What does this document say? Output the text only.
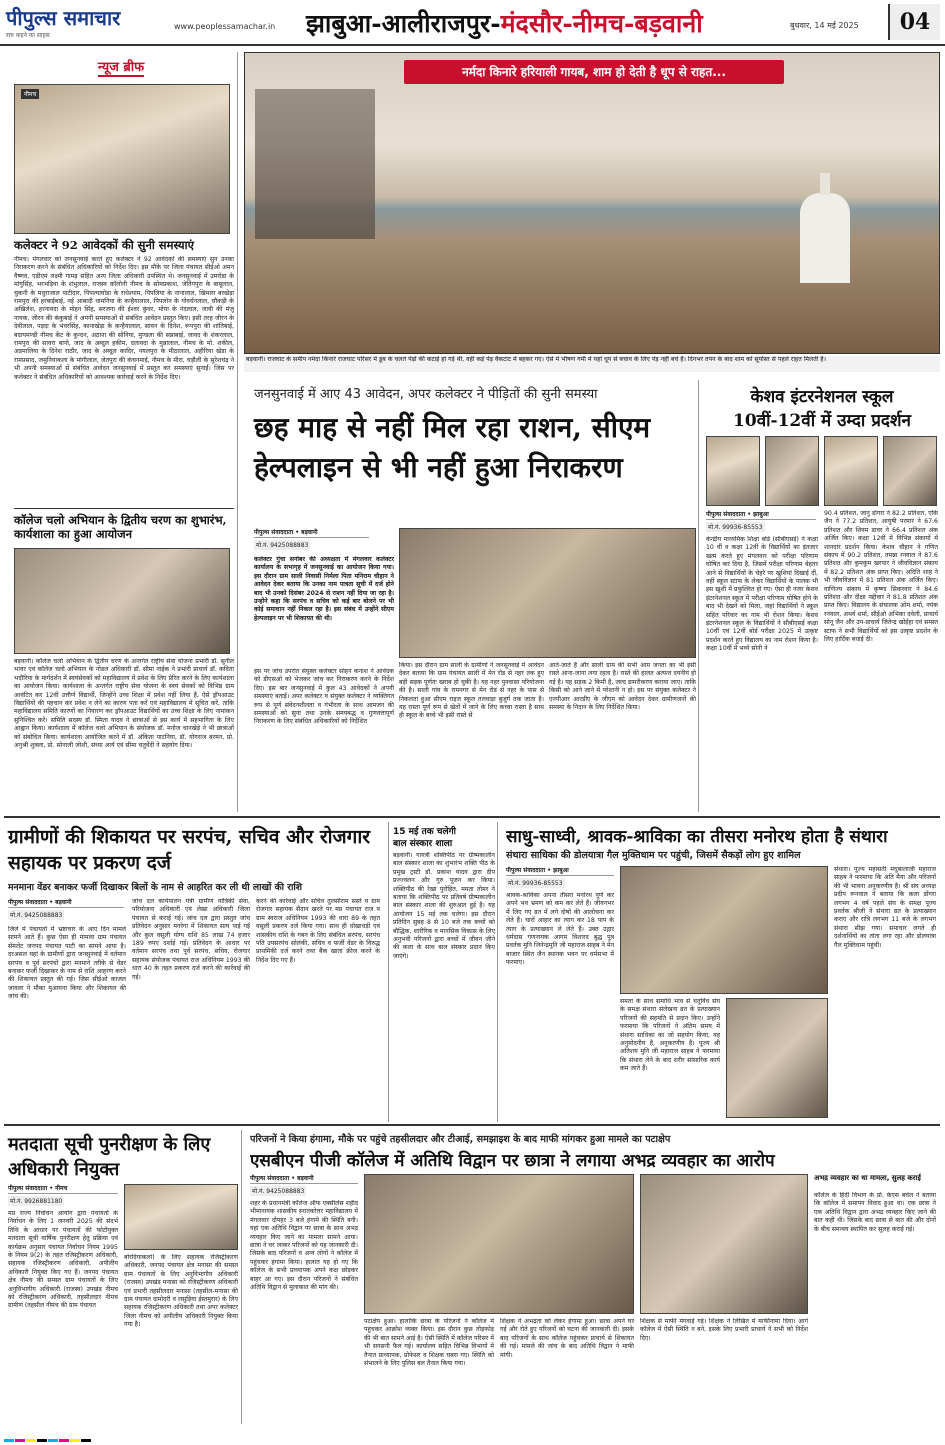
पीपुल्स समाचार
सच कहने का साहस
www.peoplessamachar.in झाबुआ-आलीराजपुर-मंदसौर-नीमच-बड़वानी	बुधवार, 14 मई 2025	04
न्यूज ब्रीफ
नीमच
कलेक्टर ने 92 आवेदकों की सुनी समस्याएं
नीमच। मंगलवार को जनसुनवाई करते हुए कलेक्टर ने 92 आवेदकों की समस्याएं सुन उनका निराकरण करने के संबंधित अधिकारियों को निर्देश दिए। इस मौके पर जिला पंचायत सीईओ अमन वैष्णव, एडीएम लक्ष्मी गामड़ सहित अन्य जिला अधिकारी उपस्थित थे। जनसुनवाई में उमरोडा के मांगुसिंह, भरभड़िया के शंभुलाल, राजस्व कॉलोनी नीमच के सोमप्रकाश, जेतिंगपुरा के बाबूलाल, चुकनी के मधुराजाल पाटीदार, पिपल्याघोडा के राधेश्याम, पिपलिया के नानालाल, खिमला बरखेड़ा रामपुरा की हरबाईबाई, नई आबादी धामनिया के कन्हैयालाल, पिपलोन के गोवर्धनलाल, चौकड़ी के अखिलेश, हरनावदा के मोहन सिंह, सरजना की ईश्वर कुंवर, मोया के नंदलाल, जावी की मंजु नायक, जीरन की कंकुबाई ने अपनी समस्याओं से संबंधित आवेदन प्रस्तुत किए। इसी तरह जीरन के देवीलाल, पड़दा के भंवरसिंह, कानाखेड़ा के कन्हैयालाल, सावन के दिनेश, रूपपुरा की शांतिबाई, बदायमण्डी नीमच केंट के कुन्दन, अठाना की सोनिया, मुण्डला की सन्नाबाई, जावद के शंकरलाल, रामपुरा की सावरा बानो, जाद के अब्दुल हकीम, दलावदा के मुन्नालाल, नीमच के मो. शकील, अडमालिया के दिनेश राठौर, जाद के अब्दुल कादिर, नयलपुरा के मीठालाल, अहीरिया खेडा के रामप्रसाद, जमुनियाकला के मांगीलाल, जेतपुरा की कंचनमाई, नीमच के मीरा, चड़ौली के सुरेशचंद्र ने भी अपनी समस्याओं से संबंधित आवेदन जनसुनवाई में प्रस्तुत कर समस्याएं सुनाईं। जिस पर कलेक्टर ने संबंधित अधिकारियों को आवश्यक कार्रवाई करने के निर्देश दिए।
कॉलेज चलो अभियान के द्वितीय चरण का शुभारंभ, कार्यशाला का हुआ आयोजन
बड़वानी। कॉलेज चलो अभियान के द्वितीय चरण के अन्तर्गत राष्ट्रीय सेवा योजना प्रभारी डॉ. सुनील भावर एवं कॉलेज चलो अभियान के नोडल अधिकारी डॉ. सीमा नाईक ने प्रभारी प्राचार्य डॉ. कविता भदौरिया के मार्गदर्शन में स्वयंसेवकों को महाविद्यालय में प्रवेश के लिए प्रेरित करने के लिए कार्यशाला का आयोजन किया। कार्यशाला के अन्तर्गत राष्ट्रीय सेवा योजना के स्वयं सेवकों को विभिन्न ग्राम आवंटित कर 12वीं उत्तीर्ण विद्यार्थी, जिन्होंने उच्च शिक्षा में प्रवेश नहीं लिया है, ऐसे ड्रॉपआउट विद्यार्थियों की पहचान कर प्रवेश न लेने का कारण पता करें एवं महाविद्यालय में सूचित करें, ताकि महाविद्यालय समिति कारणों का निवारण कर ड्रॉपआउट विद्यार्थियों का उच्च शिक्षा के लिए नामांकन सुनिश्चित करें। समिति सदस्य डॉ. स्मिता यादव ने छात्राओं से इस कार्य में सहभागिता के लिए आह्वान किया। कार्यशाला में कॉलेज चलो अभियान के संयोजक डॉ. मनोज चानखेड़े ने भी छात्राओं को संबोधित किया। कार्यशाला आयोजित करने में डॉ. अंकिता पाटनिया, डॉ. योगराज बरमन, प्रो. अनुश्री शुक्ला, प्रो. सोनाली जोशी, संध्या आर्य एवं सीमा चतुर्वेदी ने सहयोग दिया।
नर्मदा किनारे हरियाली गायब, शाम हो देती है धूप से राहत...
बड़वानी। राजघाट के समीप नर्मदा किनारे राजघाट परिसर में डूब के चलते पेड़ों की कटाई हो गई थी, वहीं कई पेड़ वैकटाट में बहकर गए। ऐसे में भीषण गर्मी में यहां धूप से बचाव के लिए पेड़ नहीं बचे हैं। दिनभर तपन के बाद शाम को सूर्यास्त से पहले राहत मिलती है।
जनसुनवाई में आए 43 आवेदन, अपर कलेक्टर ने पीड़ितों की सुनी समस्या
छह माह से नहीं मिल रहा राशन, सीएम हेल्पलाइन से भी नहीं हुआ निराकरण
पीपुल्स संवाददाता • बड़वानी
मो.नं. 9425088883
कलेक्टर गुंचा सनोबर की अध्यक्षता में मंगलवार कलेक्टर कार्यालय के सभागृह में जनसुनवाई का आयोजन किया गया। इस दौरान ग्राम साली निवासी निर्मला पिता मनिराम चौहान ने आवेदन देकर बताया कि उनका नाम पात्रता सूची में दर्ज होने बाद भी उनको दिसंबर 2024 से राशन नहीं दिया जा रहा है। उन्होंने कहा कि सरपंच व सचिव को कई बार बोलने पर भी कोई समाधान नहीं निकल रहा है। इस संबंध में उन्होंने सीएम हेल्पलाइन पर भी शिकायत की थी।
इस पर जांच उपरांत संयुक्त कलेक्टर सोहन कनाश ने आवेदक को डीएसओ को भेजकर जांच कर निराकरण करने के निर्देश दिए। इस बार जनसुनवाई में कुल 43 आवेदकों ने अपनी समस्याएं बताईं। अपर कलेक्टर व संयुक्त कलेक्टर ने व्यक्तिगत रूप से पूर्ण संवेदनशीलता व गंभीरता के साथ आमजन की समस्याओं को सुना तथा उनके समयबद्ध व गुणवत्तापूर्ण निराकरण के लिए संबंधित अधिकारियों को निर्देशित
किया। इस दौरान ग्राम साली के ग्रामीणों ने जनसुनवाई में आवेदन देकर बताया कि ग्राम पंचायत साली में मेन रोड से नहर तक हुए बड़ी सड़क पूर्णतः खराब हो चुकी है। यह नहर पुनवासा परियोजना की है। साली गांव के रामनगर से मेन रोड से नहर के पास से निकलता हुआ सीएम राइज स्कूल तलवाड़ा बुजुर्ग तक जाता है। यह रास्ता पूर्ण रूप से खेतों में जाने के लिए कच्चा रास्ता है साथ ही स्कूल के बच्चे भी इसी रास्ते से
आते-जाते हैं और साली ग्राम की सभी आम जनता का भी इसी रास्ते आना-जाना लगा रहता है। रास्ते की हालत अत्यन्त दयनीय हो गई है। यह सड़क 2 किमी है, जल्द डामरीकरण कराया जाए। ताकि किसी को आने जाने में परेशानी न हो। इस पर संयुक्त कलेक्टर ने एनपीआर आरडीए के जीएम को आवेदन देकर ग्रामीणजनों की समस्या के निदान के लिए निर्देशित किया।
केशव इंटरनेशनल स्कूल
10वीं-12वीं में उम्दा प्रदर्शन
पीपुल्स संवाददाता • झाबुआ
मो.नं. 99936-85553
केन्द्रीय माध्यमिक शिक्षा बोर्ड (सीबीएसई) ने कक्षा 10 वीं व कक्षा 12वीं के विद्यार्थियों का इंतजार खत्म करते हुए मंगलवार को परीक्षा परिणाम घोषित कर दिया है, जिसमें परीक्षा परिणाम बेहतर आने से विद्यार्थियों के चेहरे पर खुशियां दिखाई दीं, वहीं स्कूल स्टाफ के लेकर विद्यार्थियों के पालक भी इस खुशी में प्रफुल्लित हो गए। ऐसा ही नजर केशव इंटरनेशनल स्कूल में परीक्षा परिणाम घोषित होने के बाद भी देखने को मिला, जहां विद्यार्थियों ने स्कूल सहित परिवार का नाम भी रोशन किया। केशव इंटरनेशनल स्कूल के विद्यार्थियों ने सीबीएसई कक्षा 10वीं एवं 12वीं बोर्ड परीक्षा 2025 में उत्कृष्ट प्रदर्शन करते हुए विद्यालय का नाम रोशन किया है। कक्षा 10वीं में भव्ये सोनी ने
90.4 प्रतिशत, जानु डोगरा ने 82.2 प्रतिशत, एकि जैन ने 77.2 प्रतिशत, आयुषी परमार ने 67.6 प्रतिशत और शिवम डावर ने 66.4 प्रतिशत अंक अर्जित किए। कक्षा 12वीं में विभिन्न संकायों में शानदार प्रदर्शन किया। केशव चौहान ने गणित संकाय में 90.2 प्रतिशत, तमन्ना रनवाल ने 87.6 प्रतिशत और कुमकुम खरपार ने जीवविज्ञान संकाय में 82.2 प्रतिशत अंक प्राप्त किए। अदिति शाह ने भी जीवविज्ञान में 81 प्रतिशत अंक अर्जित किए। वाणिज्य संकाय में कृष्णा सिकरवार ने 84.6 प्रतिशत और दीक्षा पद्दीवार ने 81.8 प्रतिशत अंक प्राप्त किए। विद्यालय के संचालक ओम शर्मा, नयंक रनवाल, अथर्व शर्मा, सीईओ अभिका दवेली, प्राचार्य सोनू जैन और उप-प्राचार्य जितेन्द्र खोईहा एवं समस्त स्टाफ ने सभी विद्यार्थियों को इस उत्कृष्ट प्रदर्शन के लिए हार्दिक बधाई दी।
ग्रामीणों की शिकायत पर सरपंच, सचिव और रोजगार सहायक पर प्रकरण दर्ज
मनमाना वेंडर बनाकर फर्जी दिखाकर बिलों के नाम से आहरित कर ली थी लाखों की राशि
पीपुल्स संवाददाता • बड़वानी
मो.नं. 9425088883
जिले में पंचायतों में भ्रष्टाचार के आए दिन मामले सामने आते हैं। कुछ ऐसा ही मामला ग्राम पंचायत सेमलेट जनपद पंचायत पाटी का सामने आया है। दरअसल यहां के ग्रामीणों द्वारा जनसुनवाई में वर्तमान सरपंच व पूर्व सरपंचों द्वारा मनमाने तरीके से वेंडर बनाकर फर्जी दिखाकर के नाम से राशि आहरण करने की शिकायत प्रस्तुत की गई। जिस सीईओ काजल जावला ने मौका मुआयना किया और शिकायत की जांच की।
जांच दल कार्यपालन यंत्री ग्रामीण यांत्रिकी सेवा, परियोजना अधिकारी एवं लेखा अधिकारी जिला पंचायत से कराई गई। जांच दल द्वारा प्रस्तुत जांच प्रतिवेदन अनुसार मनरेगा में शिकायत सत्य पाई गई और कुल वसूली योग्य राशि 85 लाख 74 हजार 189 रुपए दर्शाई गई। प्रतिवेदन के आधार पर वर्तमान सरपंच तथा पूर्व सरपंच, सचिव, रोजगार सहायक संयोजक पंचायत राज अधिनियम 1993 की धारा 40 के तहत प्रकरण दर्ज करने की कार्रवाई की गई।
करने की कार्रवाई और सचिव तुलसीराम सस्ते व ग्राम रोजगार सहायक सैदान खरते पर मप्र पंचायत राज व ग्राम स्वराज अधिनियम 1993 की धारा 89 के तहत वसूली प्रकरण दर्ज किया गया। साथ ही धोखाधड़ी एवं शासकीय राशि के गबन के लिए संबंधित सरपंच, सरपंच पति उपसरपंच सोलंकी, सचिव व फर्जी वेंडर के विरुद्ध प्राथमिकी दर्ज करने तथा बैंक खाता फ्रीज करने के निर्देश दिए गए हैं।
15 मई तक चलेगी
बाल संस्कार शाला
बड़वानी। गायत्री शक्तिपीठ पर ग्रीष्मकालीन बाल संस्कार शाला का शुभारंभ शक्ति पीठ के प्रमुख ट्रस्टी डॉ. प्रकाश यादव द्वारा दीप प्रज्ज्वलन और गुरु पूजन कर किया। शक्तिपीठ की रेखा पुरोहित, ममता तोमर ने बताया कि शक्तिपीठ पर प्रतिवर्ष ग्रीष्मकालीन बाल संस्कार शाला की शुरुआत हुई है। यह आयोजन 15 मई तक चलेगा। इस दौरान प्रतिदिन सुबह 8 से 10 बजे तक बच्चों को बौद्धिक, शारीरिक व मानसिक विकास के लिए अनुभवी परिजनों द्वारा बच्चों में जीवन जीने की कला के साथ बाल संस्कार प्रदान किए जाएंगे।
साधु-साध्वी, श्रावक-श्राविका का तीसरा मनोरथ होता है संथारा
संथारा साधिका की डोलयात्रा गैल मुक्तिधाम पर पहुंची, जिसमें सैकड़ों लोग हुए शामिल
पीपुल्स संवाददाता • झाबुआ
मो.नं. 99936-85553
श्रावक-श्राविका अपना तीसरा मनोरथ पूर्ण कर अपने भव भ्रमण को कम कर लेते हैं। जीवनभर में लिए गए व्रत में लगे दोषों की आलोचना कर लेते हैं। चारों आहार का त्याग कर 18 पाप के त्याग के प्रत्याख्यान ले लेते हैं। उक्त उद्गार धर्मदास गणनायक आगम विशारद बुद्ध पुत्र प्रवर्तक मुनि जिनेन्द्रमुनि जी महाराज साहब ने मेन बाजार स्थित जैन स्थानक भवन पर धर्मसभा में फरमाए।
समता के साथ समाधि भाव से चतुर्विध संघ के समक्ष संथारा संलेखना व्रत के प्रत्याख्यान परिजनों की सहमति से प्रदान किए। उन्होंने फरमाया कि परिजनों ने अंतिम समय में संथारा साधिका का जो सहयोग किया, वह अनुमोदनीय है, अनुकरणीय है। पूज्य श्री अतिशय मुनि जी महाराज साहब ने फरमाया कि संथारा लेने के बाद शरीर सांसारिक कार्य कम जाते हैं।
संथारा। पूज्य महासती मधुबालाजी महाराज साहब ने फरमाया कि अति मैया और परिजनों की भी भावना अनुकरणीय है। श्री संघ अध्यक्ष प्रदीप रूनवाल ने बताया कि कला डोंगरा लगभग 4 वर्ष पहले संघ के समक्ष पूज्य प्रवर्तक श्रीजी ने संथारा व्रत के प्रत्याख्यान कराए और रात्रि लगभग 11 बजे के लगभग संथारा सीझ गया। समाचार लगते ही दर्शनार्थियों का तांता लगा रहा और डोलयात्रा गैल मुक्तिधाम पहुंची।
मतदाता सूची पुनरीक्षण के लिए अधिकारी नियुक्त
पीपुल्स संवाददाता • नीमच
मो.नं. 9926881180
मप्र राज्य निर्वाचन आयोग द्वारा पंचायतों के निर्वाचन के लिए 1 जनवरी 2025 की संदर्भ तिथि के आधार पर पंचायतों की फोटोयुक्त मतदाता सूची वार्षिक पुनरीक्षण हेतु प्रक्रिया एवं कार्यक्रम अनुसार पंचायत निर्वाचन नियम 1995 के नियम 9(2) के तहत रजिस्ट्रीकरण अधिकारी, सहायक रजिस्ट्रीकरण अधिकारी, अपीलीय अधिकारी नियुक्त किए गए हैं। जनपद पंचायत क्षेत्र नीमच की समस्त ग्राम पंचायतों के लिए अनुविभागीय अधिकारी (राजस्व) उपखंड नीमच को रजिस्ट्रीकरण अधिकारी, तहसीलदार नीमच ग्रामीण (तहसील नीमच की ग्राम पंचायत
बोरदियाकलां) के लिए सहायक रजिस्ट्रीकरण अधिकारी, जनपद पंचायत क्षेत्र मनासा की समस्त ग्राम पंचायतों के लिए अनुविभागीय अधिकारी (राजस्व) उपखंड मनासा को रजिस्ट्रीकरण अधिकारी एवं प्रभारी तहसीलदार मनासा (तहसील-मनासा की ग्राम पंचायत दामोदरी व लसुड़िया ईस्तमुरार) के लिए सहायक रजिस्ट्रीकरण अधिकारी तथा अपर कलेक्टर जिला नीमच को अपीलीय अधिकारी नियुक्त किया गया है।
परिजनों ने किया हंगामा, मौके पर पहुंचे तहसीलदार और टीआई, समझाइश के बाद माफी मांगकर हुआ मामले का पटाक्षेप
एसबीएन पीजी कॉलेज में अतिथि विद्वान पर छात्रा ने लगाया अभद्र व्यवहार का आरोप
पीपुल्स संवाददाता • बड़वानी
मो.नं. 9425088883
शहर के प्रधानमंत्री कॉलेज ऑफ एक्सीलेंस शहीद भीमानायक शासकीय स्नातकोत्तर महाविद्यालय में मंगलवार दोपहर 3 बजे हंगामे की स्थिति बनी। यहां एक अतिथि विद्वान पर छात्रा के साथ अभद्र व्यवहार किए जाने का मामला सामने आया। छात्रा ने घर जाकर परिजनों को यह जानकारी दी। जिसके बाद परिजनों व अन्य लोगों ने कॉलेज में पहुंचकर हंगामा किया। हालात यह हो गए कि कॉलेज के सभी प्राध्यापक अपने कक्ष छोड़कर बाहर आ गए। इस दौरान परिजनों ने संबंधित अतिथि विद्वान से मुलाकात की मांग की।
पटाक्षेप हुआ। हालांकि छात्रा के परिजनों ने कॉलेज में पहुंचकर आक्रोश व्यक्त किया। इस दौरान कुछ तोड़फोड़ की भी बात सामने आई है। ऐसी स्थिति में कॉलेज परिसर में भी सनसनी फैल गई। कार्यालय सहित विभिन्न विभागों में तैनात प्राध्यापक, प्रोफेसर व शिक्षक घबरा गए। स्थिति को संभालने के लिए पुलिस बल तैनात किया गया।
शिक्षक ने अभद्रता को लेकर हंगामा हुआ। छात्रा अपने घर गई और रोते हुए परिजनों को घटना की जानकारी दी। इसके बाद परिजनों के साथ कॉलेज पहुंचकर प्राचार्य से शिकायत की गई। मामले की जांच के बाद अतिथि विद्वान ने माफी मांगी।
शिक्षक से माफी मंगवाई गई। शिक्षक ने लिखित में माफीनामा दिया। आगे कॉलेज में ऐसी स्थिति न बने, इसके लिए प्रभारी प्राचार्य ने सभी को निर्देश दिए।
अभद्र व्यवहार का था मामला, सुलह कराई
कॉलेज के हिंदी विभाग के प्रो. केएस बघेल ने बताया कि कॉलेज में समापन विवाद हुआ था। एक छात्रा ने एक अतिथि विद्वान द्वारा अभद्र व्यवहार किए जाने की बात कही थी। जिसके बाद छात्रा से बात की और दोनों के बीच समन्वय स्थापित कर सुलह कराई गई।
